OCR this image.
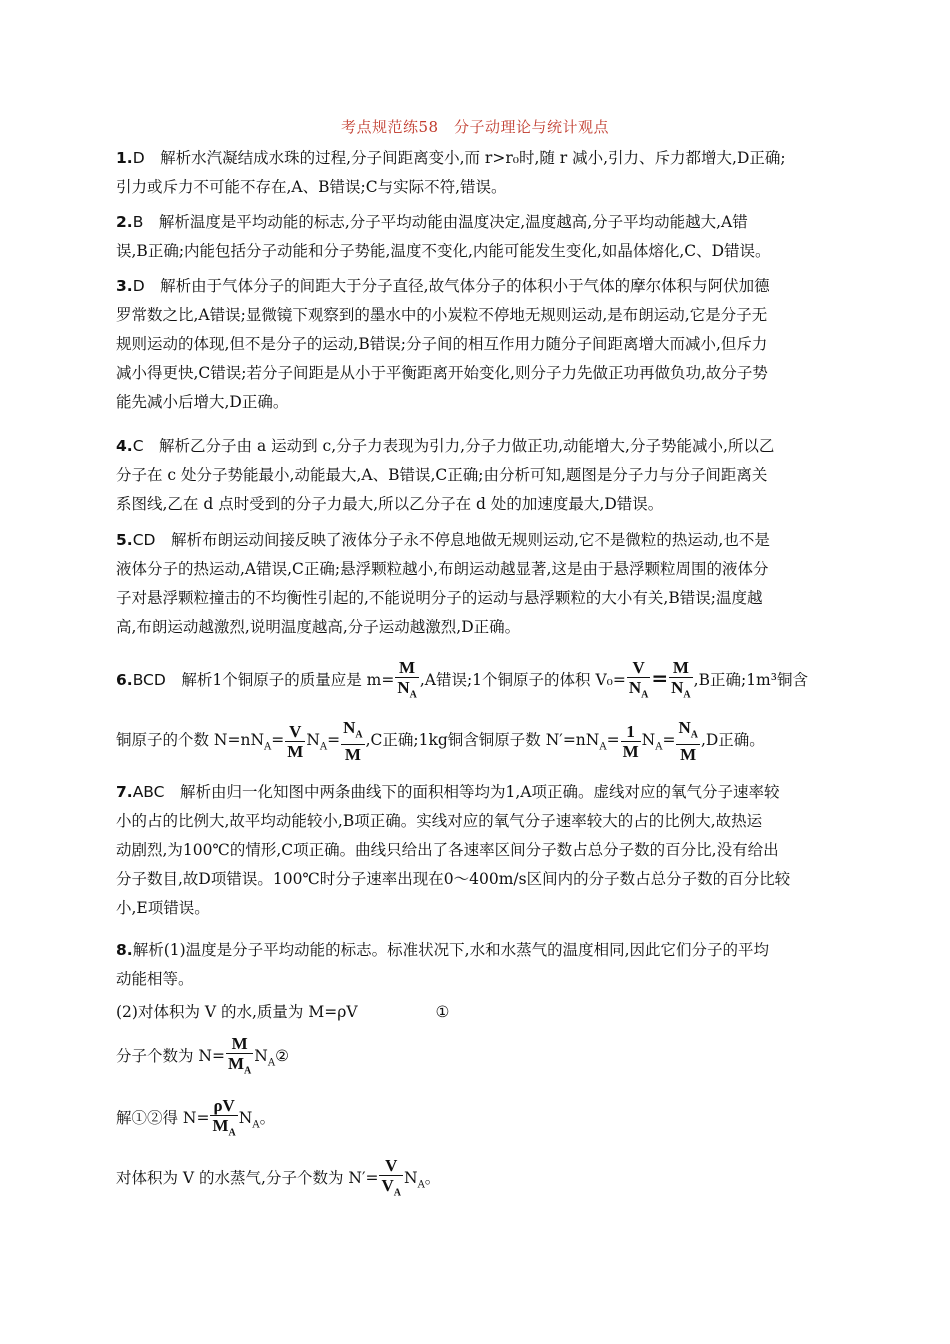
考点规范练58　分子动理论与统计观点
1.D　 解析水汽凝结成水珠的过程,分子间距离变小,而 r>r₀时,随 r 减小,引力、斥力都增大,D正确;
引力或斥力不可能不存在,A、B错误;C与实际不符,错误。
2.B　 解析温度是平均动能的标志,分子平均动能由温度决定,温度越高,分子平均动能越大,A错
误,B正确;内能包括分子动能和分子势能,温度不变化,内能可能发生变化,如晶体熔化,C、D错误。
3.D　 解析由于气体分子的间距大于分子直径,故气体分子的体积小于气体的摩尔体积与阿伏加德
罗常数之比,A错误;显微镜下观察到的墨水中的小炭粒不停地无规则运动,是布朗运动,它是分子无
规则运动的体现,但不是分子的运动,B错误;分子间的相互作用力随分子间距离增大而减小,但斥力
减小得更快,C错误;若分子间距是从小于平衡距离开始变化,则分子力先做正功再做负功,故分子势
能先减小后增大,D正确。
4.C　 解析乙分子由 a 运动到 c,分子力表现为引力,分子力做正功,动能增大,分子势能减小,所以乙
分子在 c 处分子势能最小,动能最大,A、B错误,C正确;由分析可知,题图是分子力与分子间距离关
系图线,乙在 d 点时受到的分子力最大,所以乙分子在 d 处的加速度最大,D错误。
5.CD　 解析布朗运动间接反映了液体分子永不停息地做无规则运动,它不是微粒的热运动,也不是
液体分子的热运动,A错误,C正确;悬浮颗粒越小,布朗运动越显著,这是由于悬浮颗粒周围的液体分
子对悬浮颗粒撞击的不均衡性引起的,不能说明分子的运动与悬浮颗粒的大小有关,B错误;温度越
高,布朗运动越激烈,说明温度越高,分子运动越激烈,D正确。
6.BCD　 解析1个铜原子的质量应是 $m= \frac{M}{N_A} ,A$错误;1个铜原子的体积 $V_0= \frac{V}{N_A} = \frac{M}{N_A} ,B$正确;1m³铜含
铜原子的个数 $N=nN_A= \frac{V}{M} N_A= \frac{N_A}{M} ,C$正确;1kg铜含铜原子数 $N'=nN_A= \frac{1}{M} N_A= \frac{N_A}{M} ,D$正确。
7.ABC　 解析由归一化知图中两条曲线下的面积相等均为1,A项正确。虚线对应的氧气分子速率较
小的占的比例大,故平均动能较小,B项正确。实线对应的氧气分子速率较大的占的比例大,故热运
动剧烈,为100℃的情形,C项正确。曲线只给出了各速率区间分子数占总分子数的百分比,没有给出
分子数目,故D项错误。100℃时分子速率出现在0～400m/s区间内的分子数占总分子数的百分比较
小,E项错误。
8.解析(1)温度是分子平均动能的标志。标准状况下,水和水蒸气的温度相同,因此它们分子的平均
动能相等。
(2)对体积为 V 的水,质量为 M=ρV	①
分子个数为 $N= \frac{M}{M_A}$ $N_A②$
解①②得 $N= \frac{\rho V}{M_A} N_A$。
对体积为 V 的水蒸气,分子个数为 $N'= \frac{V}{V_A} N_A$。
